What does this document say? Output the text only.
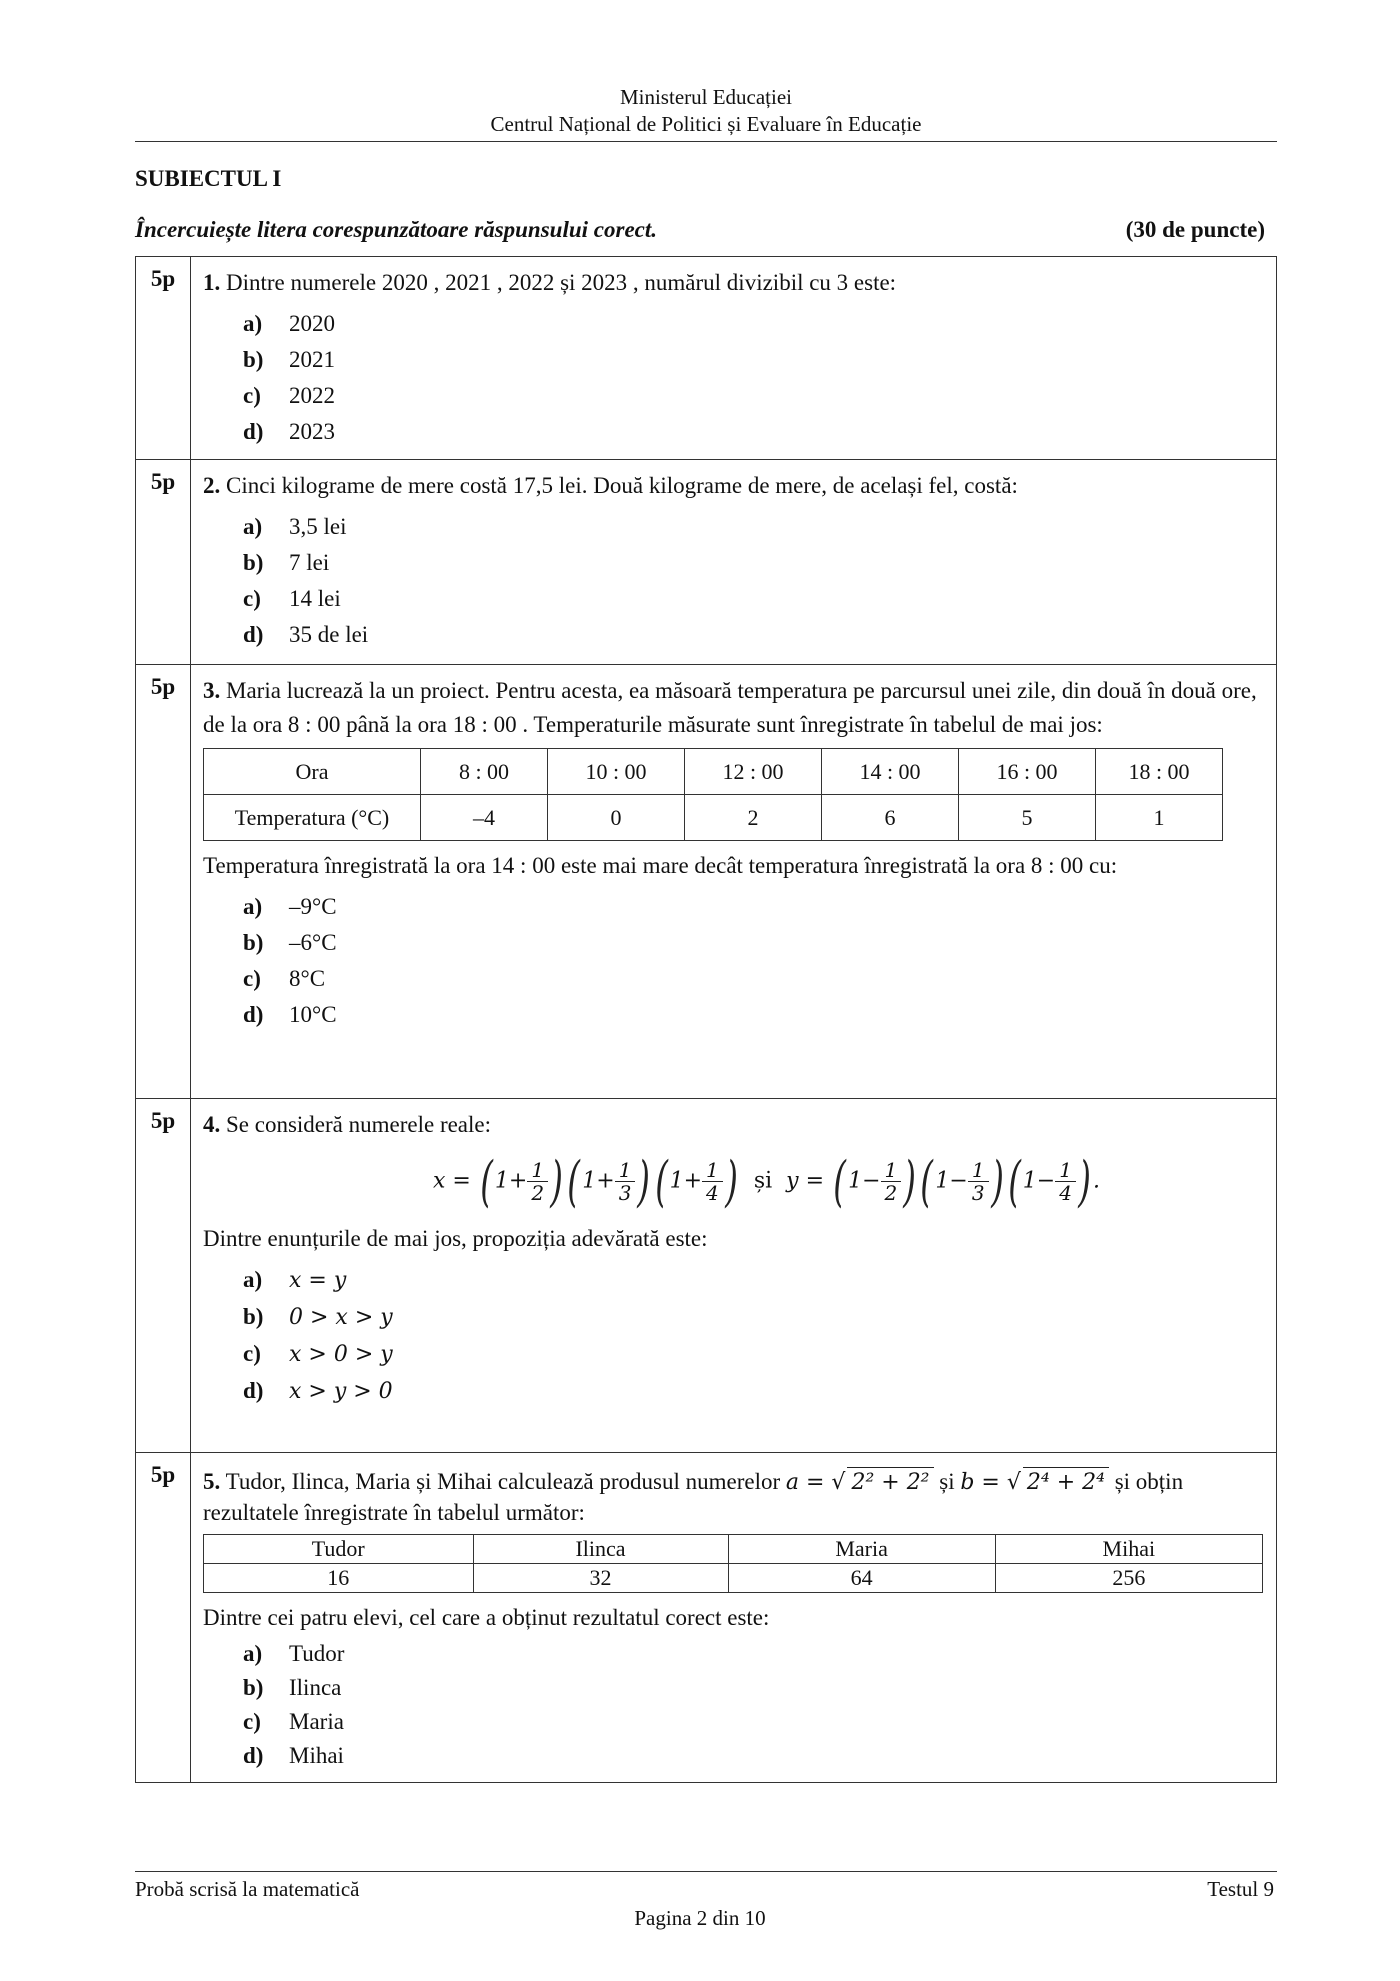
Ministerul Educației
Centrul Național de Politici și Evaluare în Educație
SUBIECTUL I
Încercuiește litera corespunzătoare răspunsului corect.	(30 de puncte)
5p	1. Dintre numerele 2020 , 2021 , 2022 și 2023 , numărul divizibil cu 3 este:
a) 2020
b) 2021
c) 2022
d) 2023

5p	2. Cinci kilograme de mere costă 17,5 lei. Două kilograme de mere, de același fel, costă:
a) 3,5 lei
b) 7 lei
c) 14 lei
d) 35 de lei

5p	3. Maria lucrează la un proiect. Pentru acesta, ea măsoară temperatura pe parcursul unei zile, din două în două ore, de la ora 8 : 00 până la ora 18 : 00 . Temperaturile măsurate sunt înregistrate în tabelul de mai jos:
Ora	8 : 00	10 : 00	12 : 00	14 : 00	16 : 00	18 : 00
Temperatura (°C)	–4	0	2	6	5	1
Temperatura înregistrată la ora 14 : 00 este mai mare decât temperatura înregistrată la ora 8 : 00 cu:
a) –9°C
b) –6°C
c) 8°C
d) 10°C

5p	4. Se consideră numerele reale:
x = ( $1+ \frac{1}{2}$ )( $1+ \frac{1}{3}$ )( $1+ \frac{1}{4}$ ) și y = ( $1- \frac{1}{2}$ )( $1- \frac{1}{3}$ )( $1- \frac{1}{4}$ ) .
Dintre enunțurile de mai jos, propoziția adevărată este:
a) x = y
b) 0 > x > y
c) x > 0 > y
d) x > y > 0

5p	5. Tudor, Ilinca, Maria și Mihai calculează produsul numerelor a = √ 2² + 2² și b = √ 2⁴ + 2⁴ și obțin rezultatele înregistrate în tabelul următor:
Tudor	Ilinca	Maria	Mihai
16	32	64	256
Dintre cei patru elevi, cel care a obținut rezultatul corect este:
a) Tudor
b) Ilinca
c) Maria
d) Mihai
Probă scrisă la matematică	Testul 9
Pagina 2 din 10
